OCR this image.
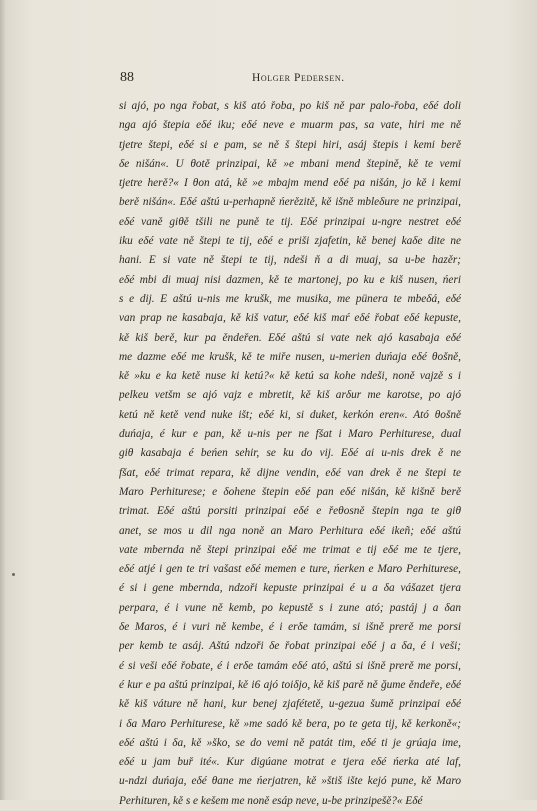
88	Holger Pedersen.
si ajó, po nga řobat, s kiš atό řoba, po kiš ně par palo-řoba, eδé doli
nga ajó štepia eδé iku; eδé neve e muarm pas, sa vate, hiri me ně
tjetre štepi, eδé si e pam, se ně š štepi hiri, asáj štepis i kemi berě
δe nišán«. U θotě prinzipai, kě »e mbani mend štepině, kě te vemi
tjetre herě?« I θon atá, kě »e mbajm mend eδé pa nišán, jo kě i kemi
berě nišán«. Eδé aštú u-perhapně ńerězitě, kě išně mbleδure ne prinzipai,
eδé vaně giθě tšili ne puně te tij. Eδé prinzipai u-ngre nestret eδé
iku eδé vate ně štepi te tij, eδé e priši zjafetin, kě benej kaδe dite ne
hani. E si vate ně štepi te tij, ndeši ň a di muaj, sa u-be hazěr;
eδé mbi di muaj nisi dazmen, kě te martonej, po ku e kiš nusen, ńeri
s e dij. E aštú u-nis me krušk, me musika, me pünera te mbeδá, eδé
van prap ne kasabaja, kě kiš vatur, eδé kiš maŕ eδé řobat eδé kepuste,
kě kiš berě, kur pa ěndeřen. Eδé aštú si vate nek ajó kasabaja eδé
me dazme eδé me krušk, kě te miře nusen, u-merien duńaja eδé θošně,
kě »ku e ka ketě nuse ki ketú?« kě ketú sa kohe ndeši, noně vajzě s i
pelkeu vetšm se ajó vajz e mbretit, kě kiš arδur me karotse, po ajó
ketú ně ketě vend nuke išt; eδé ki, si duket, kerkón eren«. Ató θošně
duńaja, é kur e pan, kě u-nis per ne fšat i Maro Perhiturese, dual
giθ kasabaja é beńen sehir, se ku do vij. Eδé ai u-nis drek ě ne
fšat, eδé trimat repara, kě dijne vendin, eδé van drek ě ne štepi te
Maro Perhiturese; e δohene štepin eδé pan eδé nišán, kě kišně berě
trimat. Eδé aštú porsiti prinzipai eδé e řeθosně štepin nga te giθ
anet, se mos u dil nga noně an Maro Perhitura eδé ikeñ; eδé aštú
vate mbernda ně štepi prinzipai eδé me trimat e tij eδé me te tjere,
eδé atjé i gen te tri vašast eδé memen e ture, ńerken e Maro Perhiturese,
é si i gene mbernda, ndzoři kepuste prinzipai é u a δa vášazet tjera
perpara, é i vune ně kemb, po kepustě s i zune ató; pastáj j a δan
δe Maros, é i vuri ně kembe, é i erδe tamám, si išně prerě me porsi
per kemb te asáj. Aštú ndzoři δe řobat prinzipai eδé j a δa, é i veši;
é si veši eδé řobate, é i erδe tamám eδé ató, aštú si išně prerě me porsi,
é kur e pa aštú prinzipai, kě i6 ajó toiδjo, kě kiš parě ně ğume ěndeře, eδé
kě kiš váture ně hani, kur benej zjafétetě, u-gezua šumě prinzipai eδé
i δa Maro Perhiturese, kě »me sadó kě bera, po te geta tij, kě kerkoně«;
eδé aštú i δa, kě »ško, se do vemi ně patát tim, eδé ti je grúaja ime,
eδé u jam buř ité«. Kur digúane motrat e tjera eδé ńerka até laf,
u-ndzi duńaja, eδé θane me ńerjatren, kě »štiš ište kejó pune, kě Maro
Perhituren, kě s e kešem me noně esáp neve, u-be prinzipešě?« Eδé
